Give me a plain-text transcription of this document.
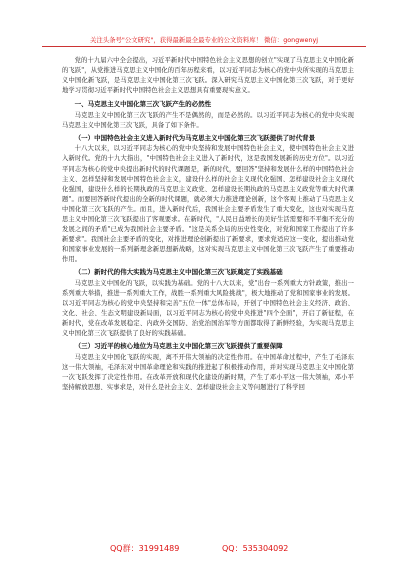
关注头条号"公文研究"，获得最新最全最专业的公文资料库！ 微信：gongwenyj

党的十九届六中全会提出，习近平新时代中国特色社会主义思想的创立"实现了马克思主义中国化新的飞跃"，从党推进马克思主义中国化的百年历程来看，以习近平同志为核心的党中央所实现的马克思主义中国化新飞跃，是马克思主义中国化第三次飞跃。深入研究马克思主义中国化第三次飞跃，对于更好地学习贯彻习近平新时代中国特色社会主义思想具有重要现实意义。

一、马克思主义中国化第三次飞跃产生的必然性

马克思主义中国化第三次飞跃的产生不是偶然的，而是必然的。以习近平同志为核心的党中央实现马克思主义中国化第三次飞跃，具备了如下条件。

（一）中国特色社会主义进入新时代为马克思主义中国化第三次飞跃提供了时代背景

十八大以来，以习近平同志为核心的党中央坚持和发展中国特色社会主义，使中国特色社会主义进入新时代。党的十九大指出，"中国特色社会主义进入了新时代，这是我国发展新的历史方位"。以习近平同志为核心的党中央提出新时代的时代课题是，新的时代，要回答"坚持和发展什么样的中国特色社会主义、怎样坚持和发展中国特色社会主义，建设什么样的社会主义现代化强国、怎样建设社会主义现代化强国，建设什么样的长期执政的马克思主义政党、怎样建设长期执政的马克思主义政党等重大时代课题"。而要回答新时代提出的全新的时代课题，就必须大力推进理论创新，这个客观上推动了马克思主义中国化第三次飞跃的产生。而且，进入新时代后，我国社会主要矛盾发生了重大变化，这也对实现马克思主义中国化第三次飞跃提出了客观要求。在新时代，"人民日益增长的美好生活需要和不平衡不充分的发展之间的矛盾"已成为我国社会主要矛盾。"这是关系全局的历史性变化，对党和国家工作提出了许多新要求"。我国社会主要矛盾的变化，对推进理论创新提出了新要求，要求党适应这一变化，提出推动党和国家事业发展的一系列新理念新思想新战略，这对实现马克思主义中国化第三次飞跃产生了重要推动作用。

（二）新时代的伟大实践为马克思主义中国化第三次飞跃奠定了实践基础

马克思主义中国化的飞跃，以实践为基础。党的十八大以来，党"出台一系列重大方针政策，推出一系列重大举措，推进一系列重大工作，战胜一系列重大风险挑战"，极大地推动了党和国家事业的发展。以习近平同志为核心的党中央坚持和完善"五位一体"总体布局，开创了中国特色社会主义经济、政治、文化、社会、生态文明建设新局面，以习近平同志为核心的党中央推进"四个全面"，开启了新征程，在新时代，党在改革发展稳定、内政外交国防、治党治国治军等方面都取得了新鲜经验，为实现马克思主义中国化第三次飞跃提供了良好的实践基础。

（三）习近平的核心地位为马克思主义中国化第三次飞跃提供了重要保障

马克思主义中国化飞跃的实现，离不开伟大领袖的决定性作用。在中国革命过程中，产生了毛泽东这一伟大领袖，毛泽东对中国革命理论和实践的推进起了积极推动作用，并对实现马克思主义中国化第一次飞跃发挥了决定性作用。在改革开放和现代化建设的新时期，产生了邓小平这一伟大领袖，邓小平坚持解放思想、实事求是，对什么是社会主义、怎样建设社会主义等问题进行了科学回

QQ群：31991489	QQ：535304092
